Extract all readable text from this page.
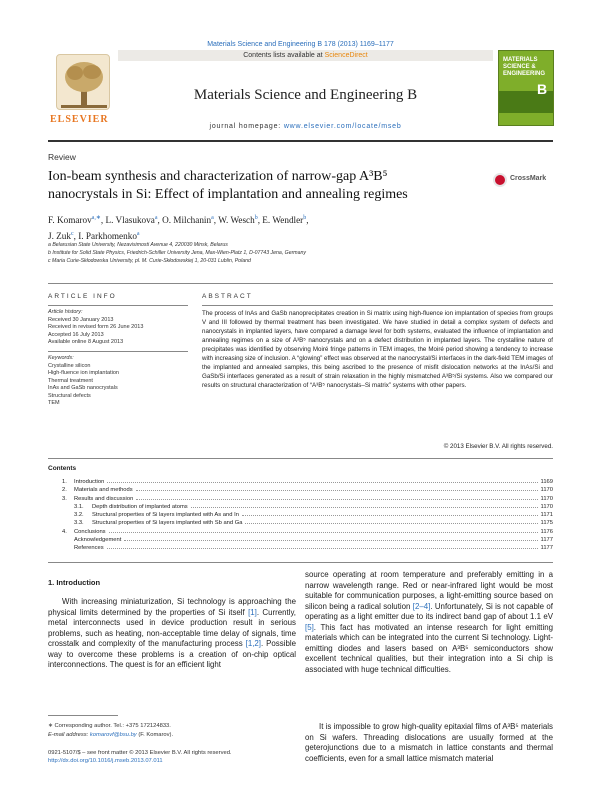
Materials Science and Engineering B 178 (2013) 1169–1177
ELSEVIER
Contents lists available at ScienceDirect
Materials Science and Engineering B
journal homepage: www.elsevier.com/locate/mseb
MATERIALS SCIENCE & ENGINEERING
B
Review
Ion-beam synthesis and characterization of narrow-gap A³B⁵ nanocrystals in Si: Effect of implantation and annealing regimes
CrossMark
F. Komarov$^{a,∗}$, L. Vlasukova$^a$, O. Milchanin$^a$, W. Wesch$^b$, E. Wendler$^b$,
J. Zuk$^c$, I. Parkhomenko$^a$
a Belarusian State University, Nezavisimosti Avenue 4, 220030 Minsk, Belarus
b Institute for Solid State Physics, Friedrich-Schiller University Jena, Max-Wien-Platz 1, D-07743 Jena, Germany
c Maria Curie-Skłodowska University, pl. M. Curie-Skłodowskiej 1, 20-031 Lublin, Poland
ARTICLE INFO
Article history:
Received 30 January 2013
Received in revised form 26 June 2013
Accepted 16 July 2013
Available online 8 August 2013
Keywords:
Crystalline silicon
High-fluence ion implantation
Thermal treatment
InAs and GaSb nanocrystals
Structural defects
TEM
ABSTRACT
The process of InAs and GaSb nanoprecipitates creation in Si matrix using high-fluence ion implantation of species from groups V and III followed by thermal treatment has been investigated. We have studied in detail a complex system of defects and nanocrystals in implanted layers, have compared a damage level for both systems, evaluated the influence of implantation and annealing regimes on a size of A³B⁵ nanocrystals and on a defect distribution in implanted layers. The crystalline nature of precipitates was identified by observing Moiré fringe patterns in TEM images, the Moiré period showing a tendency to increase with increasing size of inclusion. A “glowing” effect was observed at the nanocrystal/Si interfaces in the dark-field TEM images of the implanted and annealed samples, this being ascribed to the presence of misfit dislocation networks at the InAs/Si and GaSb/Si interfaces generated as a result of strain relaxation in the highly mismatched A³B⁵/Si systems. Also we compared our results on structural characterization of “A³B⁵ nanocrystals–Si matrix” systems with other papers.
© 2013 Elsevier B.V. All rights reserved.
Contents
1. Introduction	1169
2. Materials and methods	1170
3. Results and discussion	1170
3.1. Depth distribution of implanted atoms	1170
3.2. Structural properties of Si layers implanted with As and In	1171
3.3. Structural properties of Si layers implanted with Sb and Ga	1175
4. Conclusions	1176
Acknowledgement	1177
References	1177
1. Introduction
With increasing miniaturization, Si technology is approaching the physical limits determined by the properties of Si itself [1]. Currently, metal interconnects used in device production result in serious problems, such as heating, non-acceptable time delay of signals, time crosstalk and complexity of the manufacturing process [1,2]. Possible way to overcome these problems is a creation of on-chip optical interconnections. The quest is for an efficient light
source operating at room temperature and preferably emitting in a narrow wavelength range. Red or near-infrared light would be most suitable for communication purposes, a light-emitting source based on silicon being a radical solution [2–4]. Unfortunately, Si is not capable of operating as a light emitter due to its indirect band gap of about 1.1 eV [5]. This fact has motivated an intense research for light emitting materials which can be integrated into the current Si technology. Light-emitting diodes and lasers based on A³B⁵ semiconductors show excellent technical qualities, but their integration into a Si chip is associated with huge technical difficulties.
It is impossible to grow high-quality epitaxial films of A³B⁵ materials on Si wafers. Threading dislocations are usually formed at the geterojunctions due to a mismatch in lattice constants and thermal coefficients, even for a small lattice mismatch material
∗ Corresponding author. Tel.: +375 172124833.
E-mail address: komarovf@bsu.by (F. Komarov).
0921-5107/$ – see front matter © 2013 Elsevier B.V. All rights reserved.
http://dx.doi.org/10.1016/j.mseb.2013.07.011
